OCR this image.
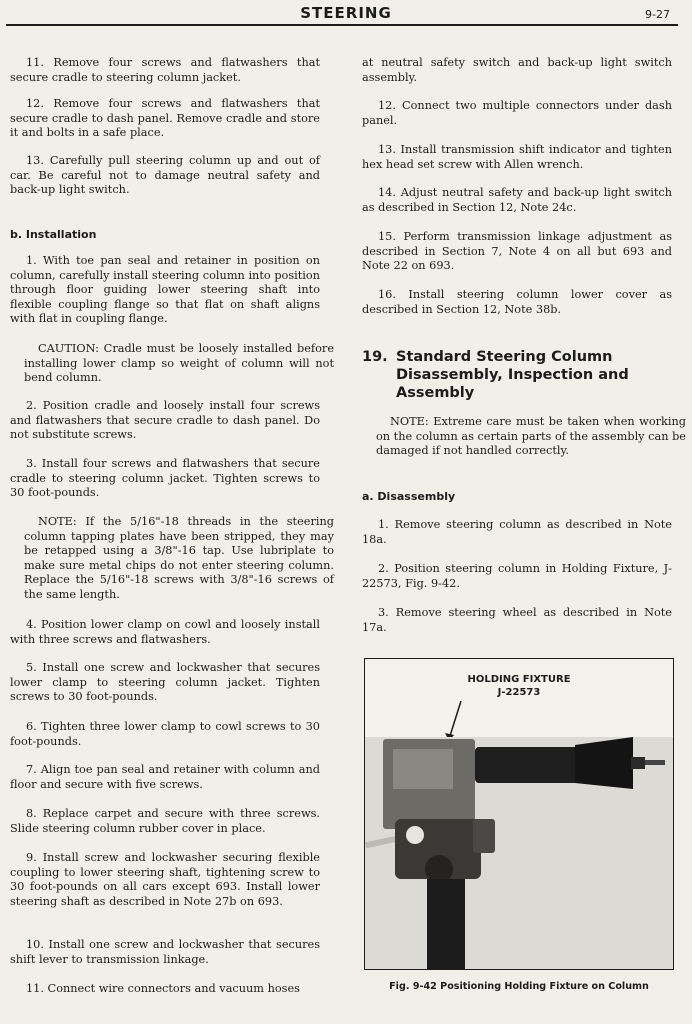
STEERING	9-27

11. Remove four screws and flatwashers that secure cradle to steering column jacket.

12. Remove four screws and flatwashers that secure cradle to dash panel. Remove cradle and store it and bolts in a safe place.

13. Carefully pull steering column up and out of car. Be careful not to damage neutral safety and back-up light switch.

b. Installation

1. With toe pan seal and retainer in position on column, carefully install steering column into position through floor guiding lower steering shaft into flexible coupling flange so that flat on shaft aligns with flat in coupling flange.

CAUTION: Cradle must be loosely installed before installing lower clamp so weight of column will not bend column.

2. Position cradle and loosely install four screws and flatwashers that secure cradle to dash panel. Do not substitute screws.

3. Install four screws and flatwashers that secure cradle to steering column jacket. Tighten screws to 30 foot-pounds.

NOTE: If the 5/16"-18 threads in the steering column tapping plates have been stripped, they may be retapped using a 3/8"-16 tap. Use lubriplate to make sure metal chips do not enter steering column. Replace the 5/16"-18 screws with 3/8"-16 screws of the same length.

4. Position lower clamp on cowl and loosely install with three screws and flatwashers.

5. Install one screw and lockwasher that secures lower clamp to steering column jacket. Tighten screws to 30 foot-pounds.

6. Tighten three lower clamp to cowl screws to 30 foot-pounds.

7. Align toe pan seal and retainer with column and floor and secure with five screws.

8. Replace carpet and secure with three screws. Slide steering column rubber cover in place.

9. Install screw and lockwasher securing flexible coupling to lower steering shaft, tightening screw to 30 foot-pounds on all cars except 693. Install lower steering shaft as described in Note 27b on 693.

10. Install one screw and lockwasher that secures shift lever to transmission linkage.

11. Connect wire connectors and vacuum hoses

at neutral safety switch and back-up light switch assembly.

12. Connect two multiple connectors under dash panel.

13. Install transmission shift indicator and tighten hex head set screw with Allen wrench.

14. Adjust neutral safety and back-up light switch as described in Section 12, Note 24c.

15. Perform transmission linkage adjustment as described in Section 7, Note 4 on all but 693 and Note 22 on 693.

16. Install steering column lower cover as described in Section 12, Note 38b.

19. Standard Steering Column Disassembly, Inspection and Assembly

NOTE: Extreme care must be taken when working on the column as certain parts of the assembly can be damaged if not handled correctly.

a. Disassembly

1. Remove steering column as described in Note 18a.

2. Position steering column in Holding Fixture, J-22573, Fig. 9-42.

3. Remove steering wheel as described in Note 17a.

HOLDING FIXTURE
J-22573
Fig. 9-42 Positioning Holding Fixture on Column
